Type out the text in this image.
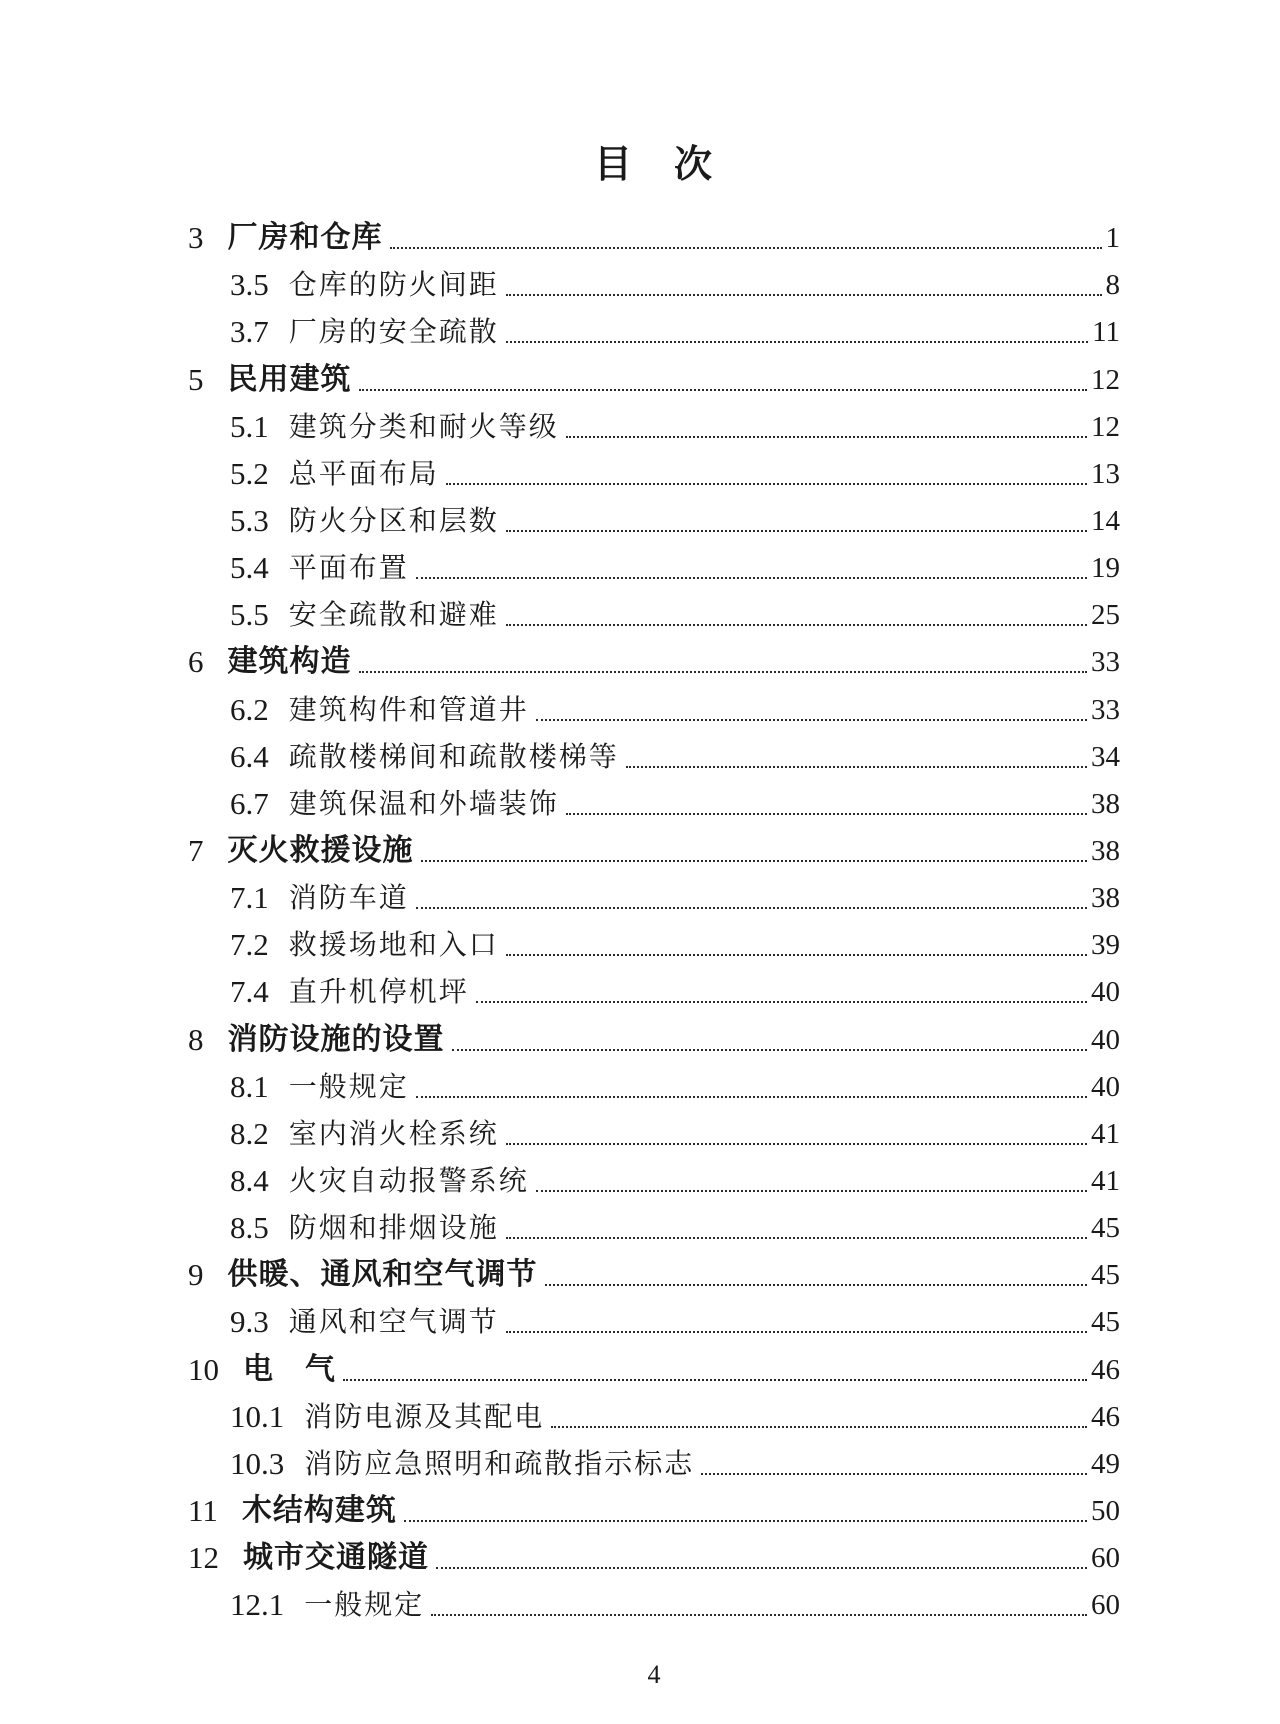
目　次
3 厂房和仓库	1
3.5 仓库的防火间距	8
3.7 厂房的安全疏散	11
5 民用建筑	12
5.1 建筑分类和耐火等级	12
5.2 总平面布局	13
5.3 防火分区和层数	14
5.4 平面布置	19
5.5 安全疏散和避难	25
6 建筑构造	33
6.2 建筑构件和管道井	33
6.4 疏散楼梯间和疏散楼梯等	34
6.7 建筑保温和外墙装饰	38
7 灭火救援设施	38
7.1 消防车道	38
7.2 救援场地和入口	39
7.4 直升机停机坪	40
8 消防设施的设置	40
8.1 一般规定	40
8.2 室内消火栓系统	41
8.4 火灾自动报警系统	41
8.5 防烟和排烟设施	45
9 供暖、通风和空气调节	45
9.3 通风和空气调节	45
10 电　气	46
10.1 消防电源及其配电	46
10.3 消防应急照明和疏散指示标志	49
11 木结构建筑	50
12 城市交通隧道	60
12.1 一般规定	60
4
